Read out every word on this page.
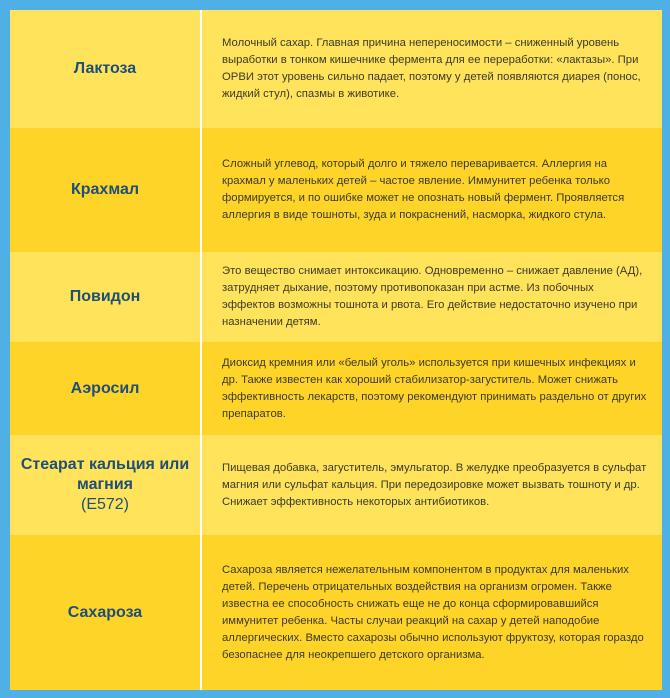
Лактоза
Молочный сахар. Главная причина непереносимости – сниженный уровень выработки в тонком кишечнике фермента для ее переработки: «лактазы». При ОРВИ этот уровень сильно падает, поэтому у детей появляются диарея (понос, жидкий стул), спазмы в животике.
Крахмал
Сложный углевод, который долго и тяжело переваривается. Аллергия на крахмал у маленьких детей – частое явление. Иммунитет ребенка только формируется, и по ошибке может не опознать новый фермент. Проявляется аллергия в виде тошноты, зуда и покраснений, насморка, жидкого стула.
Повидон
Это вещество снимает интоксикацию. Одновременно – снижает давление (АД), затрудняет дыхание, поэтому противопоказан при астме. Из побочных эффектов возможны тошнота и рвота. Его действие недостаточно изучено при назначении детям.
Аэросил
Диоксид кремния или «белый уголь» используется при кишечных инфекциях и др. Также известен как хороший стабилизатор-загуститель. Может снижать эффективность лекарств, поэтому рекомендуют принимать раздельно от других препаратов.
Стеарат кальция или магния
(Е572)
Пищевая добавка, загуститель, эмульгатор. В желудке преобразуется в сульфат магния или сульфат кальция. При передозировке может вызвать тошноту и др. Снижает эффективность некоторых антибиотиков.
Сахароза
Сахароза является нежелательным компонентом в продуктах для маленьких детей. Перечень отрицательных воздействия на организм огромен. Также известна ее способность снижать еще не до конца сформировавшийся иммунитет ребенка. Часты случаи реакций на сахар у детей наподобие аллергических. Вместо сахарозы обычно используют фруктозу, которая гораздо безопаснее для неокрепшего детского организма.
